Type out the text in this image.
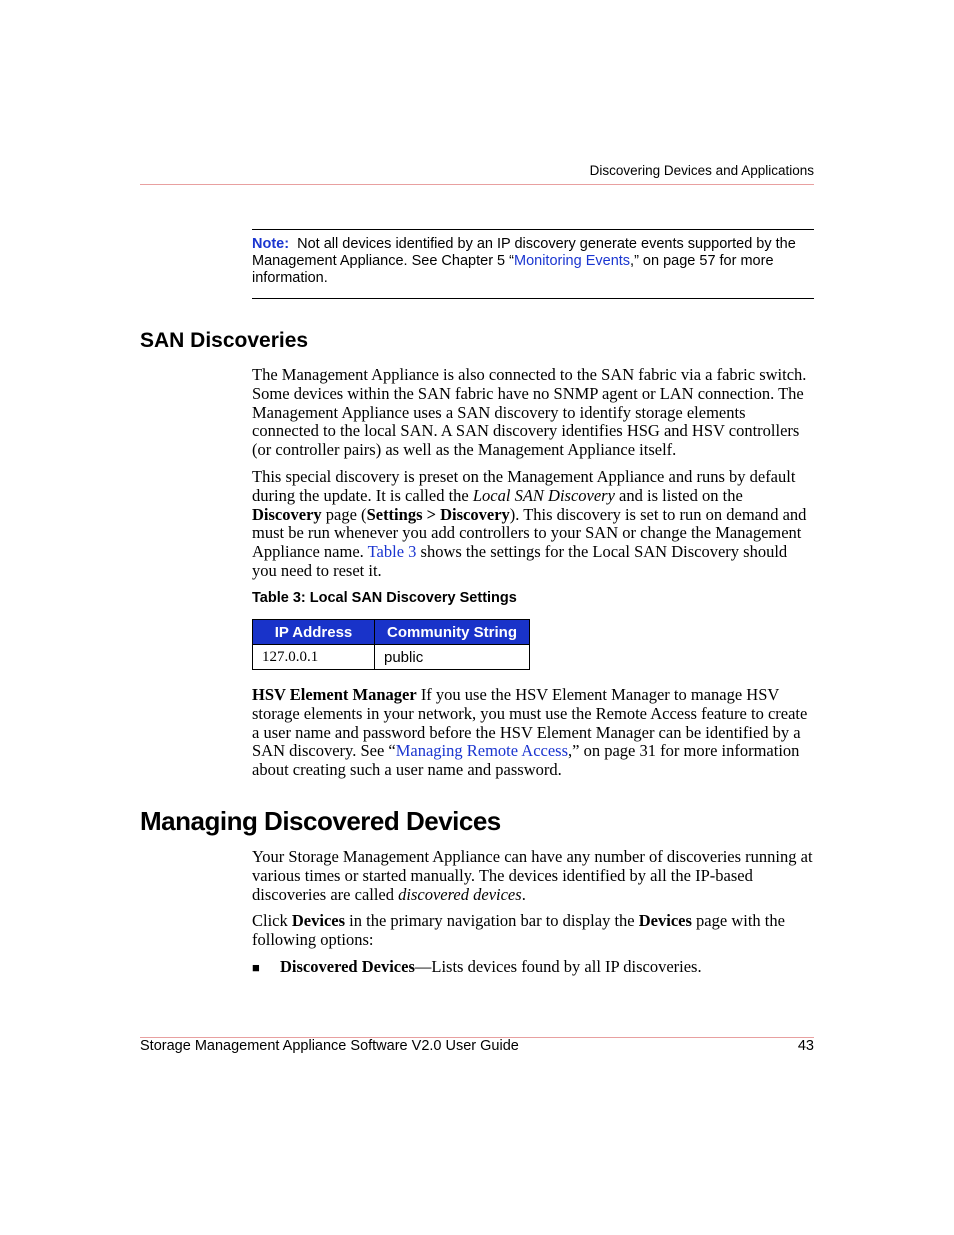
Discovering Devices and Applications
Note: Not all devices identified by an IP discovery generate events supported by the Management Appliance. See Chapter 5 “Monitoring Events,” on page 57 for more information.
SAN Discoveries

The Management Appliance is also connected to the SAN fabric via a fabric switch. Some devices within the SAN fabric have no SNMP agent or LAN connection. The Management Appliance uses a SAN discovery to identify storage elements connected to the local SAN. A SAN discovery identifies HSG and HSV controllers (or controller pairs) as well as the Management Appliance itself.

This special discovery is preset on the Management Appliance and runs by default during the update. It is called the Local SAN Discovery and is listed on the Discovery page (Settings > Discovery). This discovery is set to run on demand and must be run whenever you add controllers to your SAN or change the Management Appliance name. Table 3 shows the settings for the Local SAN Discovery should you need to reset it.

Table 3: Local SAN Discovery Settings
IP Address	Community String
127.0.0.1	public

HSV Element Manager If you use the HSV Element Manager to manage HSV storage elements in your network, you must use the Remote Access feature to create a user name and password before the HSV Element Manager can be identified by a SAN discovery. See “Managing Remote Access,” on page 31 for more information about creating such a user name and password.

Managing Discovered Devices

Your Storage Management Appliance can have any number of discoveries running at various times or started manually. The devices identified by all the IP-based discoveries are called discovered devices.

Click Devices in the primary navigation bar to display the Devices page with the following options:

■ Discovered Devices—Lists devices found by all IP discoveries.
Storage Management Appliance Software V2.0 User Guide	43
